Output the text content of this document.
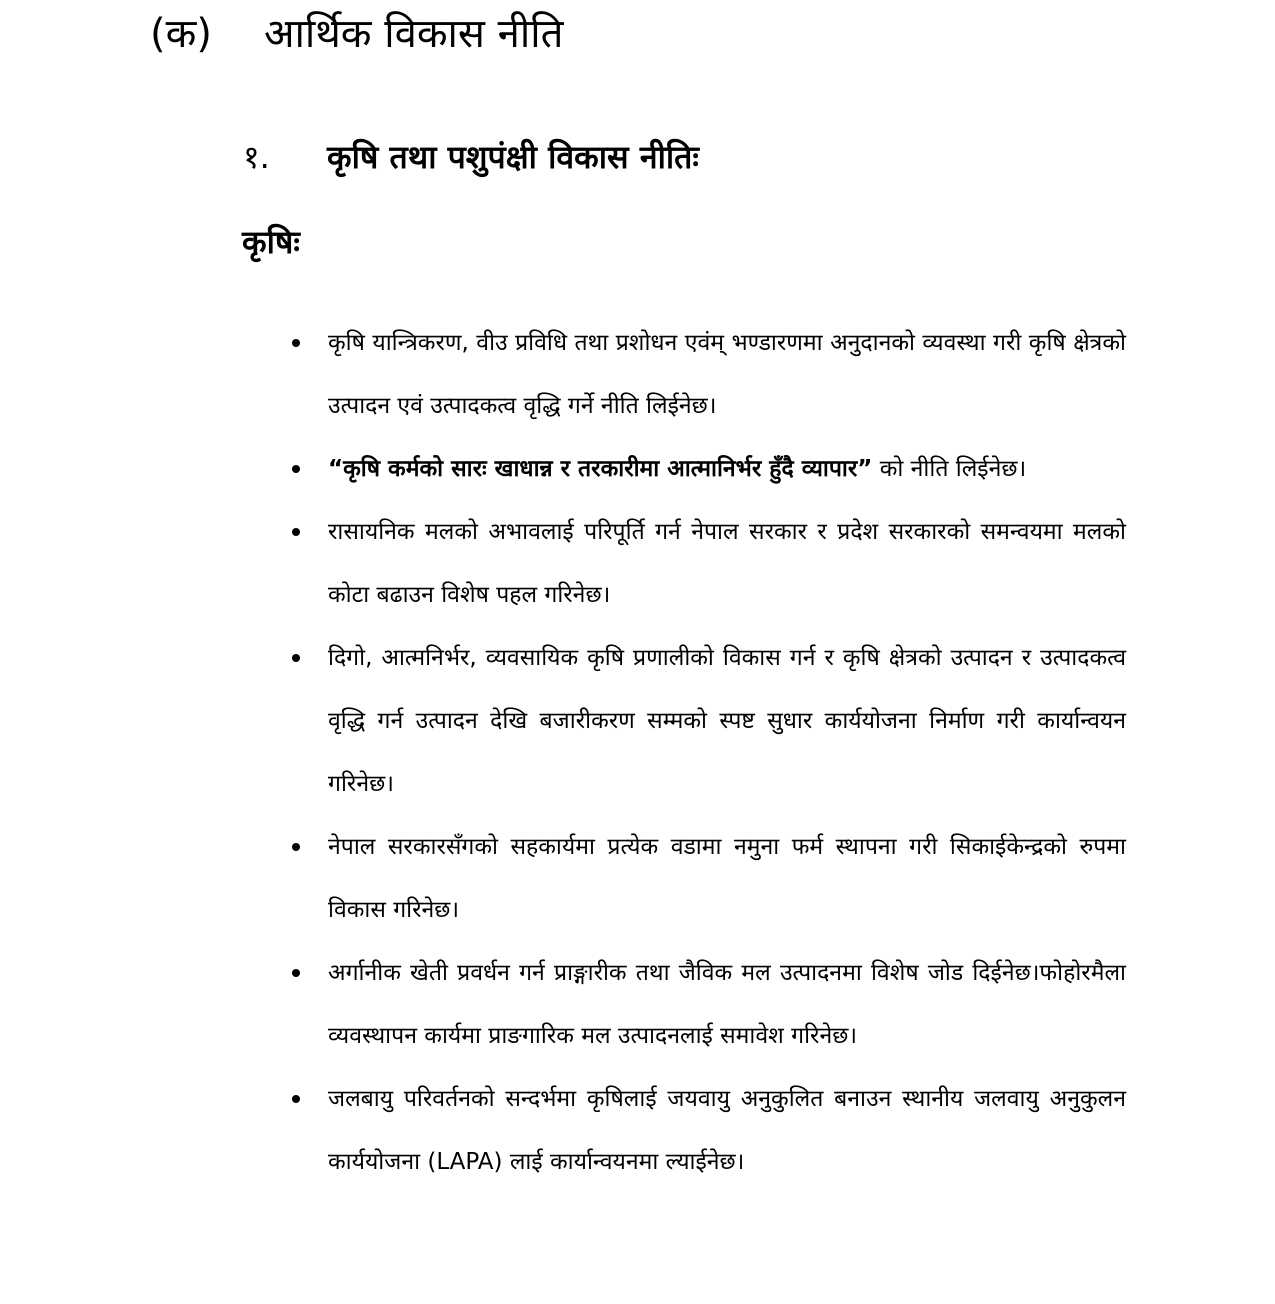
(क) आर्थिक विकास नीति
१. कृषि तथा पशुपंक्षी विकास नीतिः
कृषिः
कृषि यान्त्रिकरण, वीउ प्रविधि तथा प्रशोधन एवंम् भण्डारणमा अनुदानको व्यवस्था गरी कृषि क्षेत्रको उत्पादन एवं उत्पादकत्व वृद्धि गर्ने नीति लिईनेछ।
“कृषि कर्मको सारः खाधान्न र तरकारीमा आत्मानिर्भर हुँदै व्यापार” को नीति लिईनेछ।
रासायनिक मलको अभावलाई परिपूर्ति गर्न नेपाल सरकार र प्रदेश सरकारको समन्वयमा मलको कोटा बढाउन विशेष पहल गरिनेछ।
दिगो, आत्मनिर्भर, व्यवसायिक कृषि प्रणालीको विकास गर्न र कृषि क्षेत्रको उत्पादन र उत्पादकत्व वृद्धि गर्न उत्पादन देखि बजारीकरण सम्मको स्पष्ट सुधार कार्ययोजना निर्माण गरी कार्यान्वयन गरिनेछ।
नेपाल सरकारसँगको सहकार्यमा प्रत्येक वडामा नमुना फर्म स्थापना गरी सिकाईकेन्द्रको रुपमा विकास गरिनेछ।
अर्गानीक खेती प्रवर्धन गर्न प्राङ्गारीक तथा जैविक मल उत्पादनमा विशेष जोड दिईनेछ।फोहोरमैला व्यवस्थापन कार्यमा प्राङगारिक मल उत्पादनलाई समावेश गरिनेछ।
जलबायु परिवर्तनको सन्दर्भमा कृषिलाई जयवायु अनुकुलित बनाउन स्थानीय जलवायु अनुकुलन कार्ययोजना (LAPA) लाई कार्यान्वयनमा ल्याईनेछ।
